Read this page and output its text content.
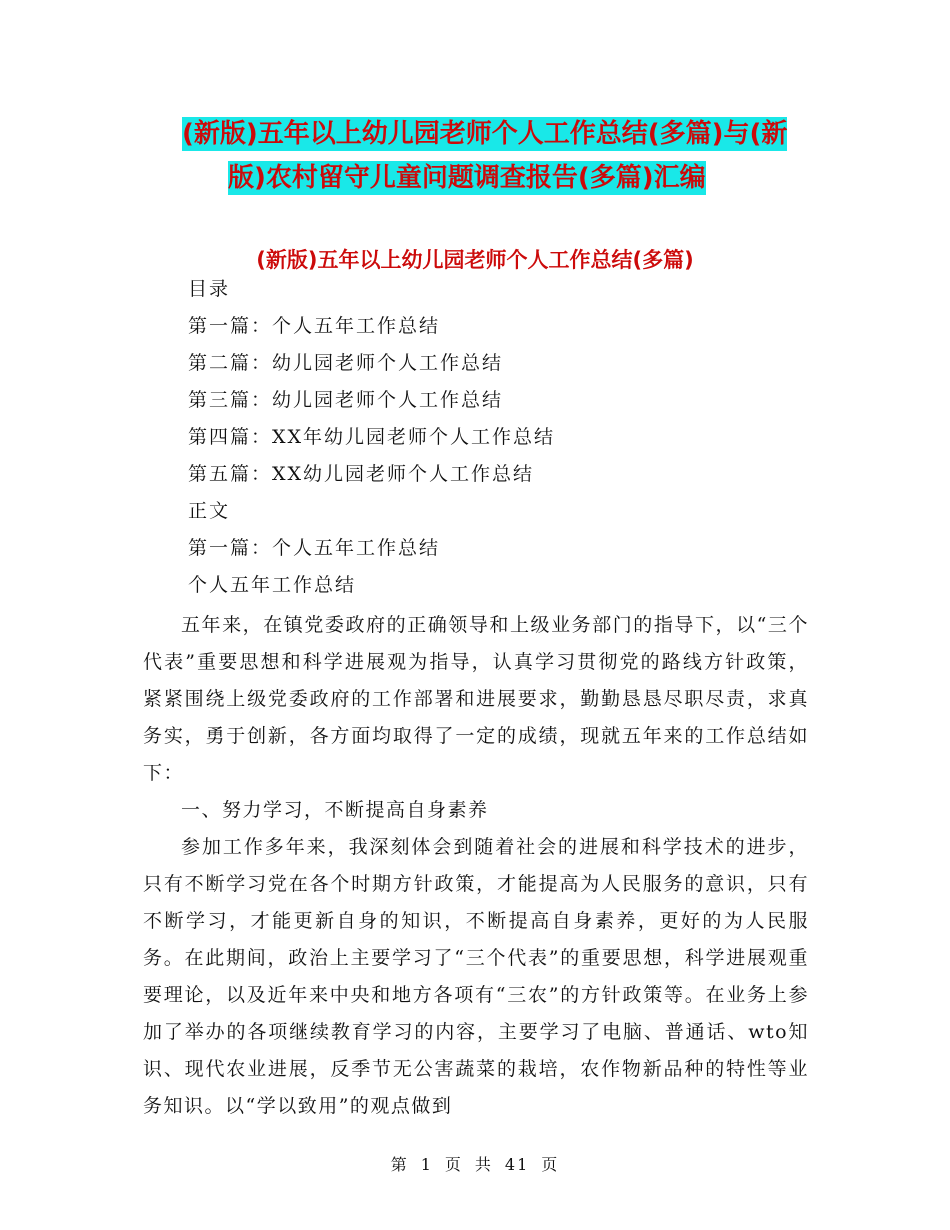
(新版)五年以上幼儿园老师个人工作总结(多篇)与(新
版)农村留守儿童问题调查报告(多篇)汇编
(新版)五年以上幼儿园老师个人工作总结(多篇)
目录
第一篇：个人五年工作总结
第二篇：幼儿园老师个人工作总结
第三篇：幼儿园老师个人工作总结
第四篇：XX年幼儿园老师个人工作总结
第五篇：XX幼儿园老师个人工作总结
正文
第一篇：个人五年工作总结
个人五年工作总结

五年来，在镇党委政府的正确领导和上级业务部门的指导下，以“三个代表”重要思想和科学进展观为指导，认真学习贯彻党的路线方针政策，紧紧围绕上级党委政府的工作部署和进展要求，勤勤恳恳尽职尽责，求真务实，勇于创新，各方面均取得了一定的成绩，现就五年来的工作总结如下：

一、努力学习，不断提高自身素养

参加工作多年来，我深刻体会到随着社会的进展和科学技术的进步，只有不断学习党在各个时期方针政策，才能提高为人民服务的意识，只有不断学习，才能更新自身的知识，不断提高自身素养，更好的为人民服务。在此期间，政治上主要学习了“三个代表”的重要思想，科学进展观重要理论，以及近年来中央和地方各项有“三农”的方针政策等。在业务上参加了举办的各项继续教育学习的内容，主要学习了电脑、普通话、wto知识、现代农业进展，反季节无公害蔬菜的栽培，农作物新品种的特性等业务知识。以“学以致用”的观点做到

第 1 页 共 41 页
